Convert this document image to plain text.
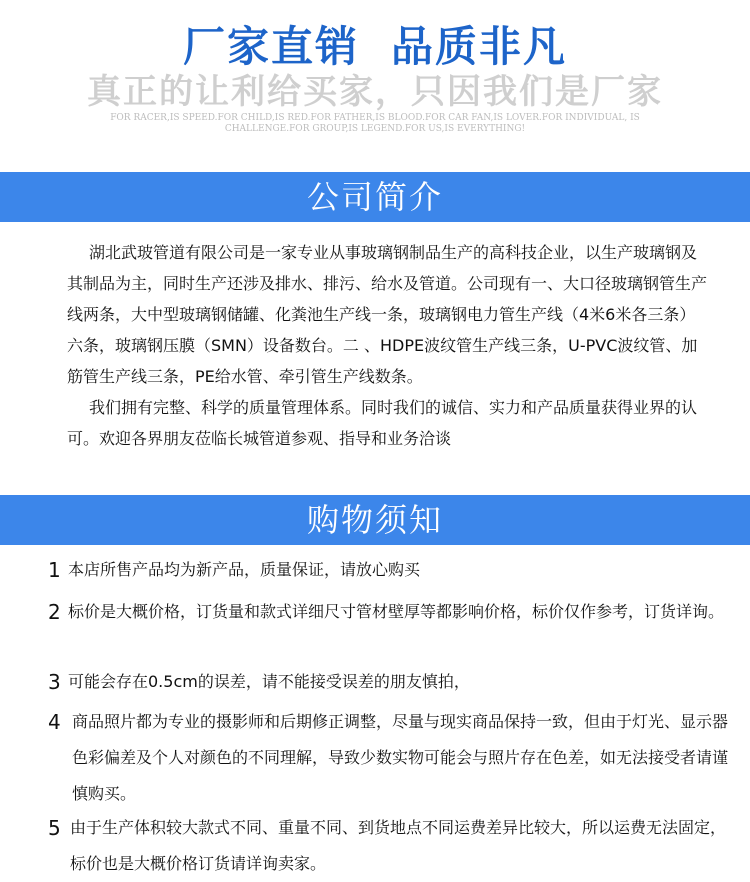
厂家直销 品质非凡
真正的让利给买家，只因我们是厂家
FOR RACER,IS SPEED.FOR CHILD,IS RED.FOR FATHER,IS BLOOD.FOR CAR FAN,IS LOVER.FOR INDIVIDUAL, IS CHALLENGE.FOR GROUP,IS LEGEND.FOR US,IS EVERYTHING!
公司简介

湖北武玻管道有限公司是一家专业从事玻璃钢制品生产的高科技企业，以生产玻璃钢及其制品为主，同时生产还涉及排水、排污、给水及管道。公司现有一、大口径玻璃钢管生产线两条，大中型玻璃钢储罐、化粪池生产线一条，玻璃钢电力管生产线（4米6米各三条）六条，玻璃钢压膜（SMN）设备数台。二 、HDPE波纹管生产线三条，U-PVC波纹管、加筋管生产线三条，PE给水管、牵引管生产线数条。

我们拥有完整、科学的质量管理体系。同时我们的诚信、实力和产品质量获得业界的认可。欢迎各界朋友莅临长城管道参观、指导和业务洽谈

购物须知
1 本店所售产品均为新产品，质量保证，请放心购买
2 标价是大概价格，订货量和款式详细尺寸管材壁厚等都影响价格，标价仅作参考，订货详询。
3 可能会存在0.5cm的误差，请不能接受误差的朋友慎拍，
4 商品照片都为专业的摄影师和后期修正调整，尽量与现实商品保持一致，但由于灯光、显示器色彩偏差及个人对颜色的不同理解，导致少数实物可能会与照片存在色差，如无法接受者请谨慎购买。
5 由于生产体积较大款式不同、重量不同、到货地点不同运费差异比较大，所以运费无法固定，标价也是大概价格订货请详询卖家。
